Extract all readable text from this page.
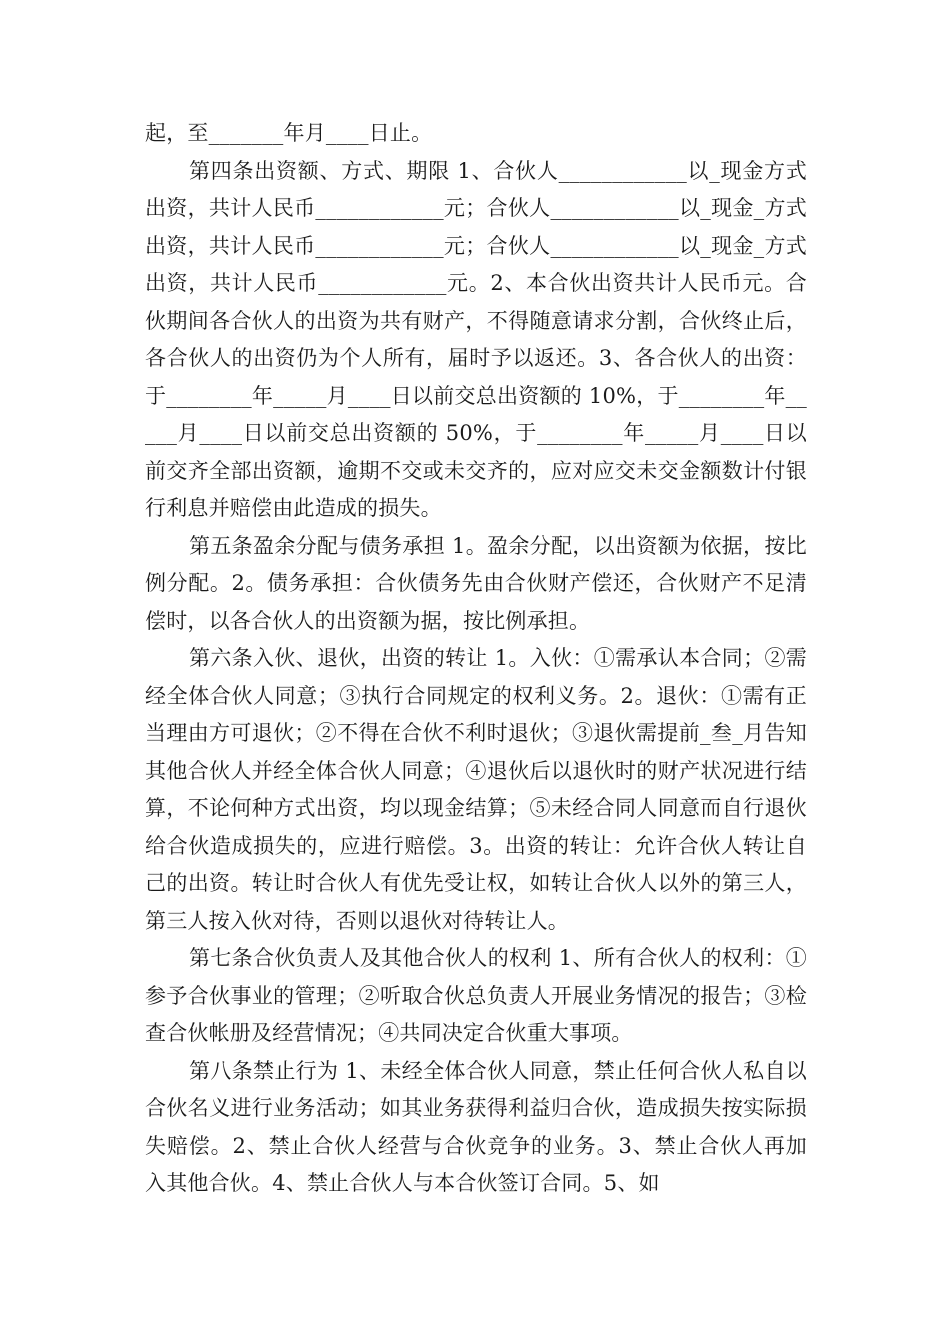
起，至_______年月____日止。

第四条出资额、方式、期限 1、合伙人____________以_现金方式出资，共计人民币____________元；合伙人____________以_现金_方式出资，共计人民币____________元；合伙人____________以_现金_方式出资，共计人民币____________元。2、本合伙出资共计人民币元。合伙期间各合伙人的出资为共有财产，不得随意请求分割，合伙终止后，各合伙人的出资仍为个人所有，届时予以返还。3、各合伙人的出资：于________年_____月____日以前交总出资额的 10%，于________年_____月____日以前交总出资额的 50%，于________年_____月____日以前交齐全部出资额，逾期不交或未交齐的，应对应交未交金额数计付银行利息并赔偿由此造成的损失。

第五条盈余分配与债务承担 1。盈余分配，以出资额为依据，按比例分配。2。债务承担：合伙债务先由合伙财产偿还，合伙财产不足清偿时，以各合伙人的出资额为据，按比例承担。

第六条入伙、退伙，出资的转让 1。入伙：①需承认本合同；②需经全体合伙人同意；③执行合同规定的权利义务。2。退伙：①需有正当理由方可退伙；②不得在合伙不利时退伙；③退伙需提前_叁_月告知其他合伙人并经全体合伙人同意；④退伙后以退伙时的财产状况进行结算，不论何种方式出资，均以现金结算；⑤未经合同人同意而自行退伙给合伙造成损失的，应进行赔偿。3。出资的转让：允许合伙人转让自己的出资。转让时合伙人有优先受让权，如转让合伙人以外的第三人，第三人按入伙对待，否则以退伙对待转让人。

第七条合伙负责人及其他合伙人的权利 1、所有合伙人的权利：①参予合伙事业的管理；②听取合伙总负责人开展业务情况的报告；③检查合伙帐册及经营情况；④共同决定合伙重大事项。

第八条禁止行为 1、未经全体合伙人同意，禁止任何合伙人私自以合伙名义进行业务活动；如其业务获得利益归合伙，造成损失按实际损失赔偿。2、禁止合伙人经营与合伙竞争的业务。3、禁止合伙人再加入其他合伙。4、禁止合伙人与本合伙签订合同。5、如
